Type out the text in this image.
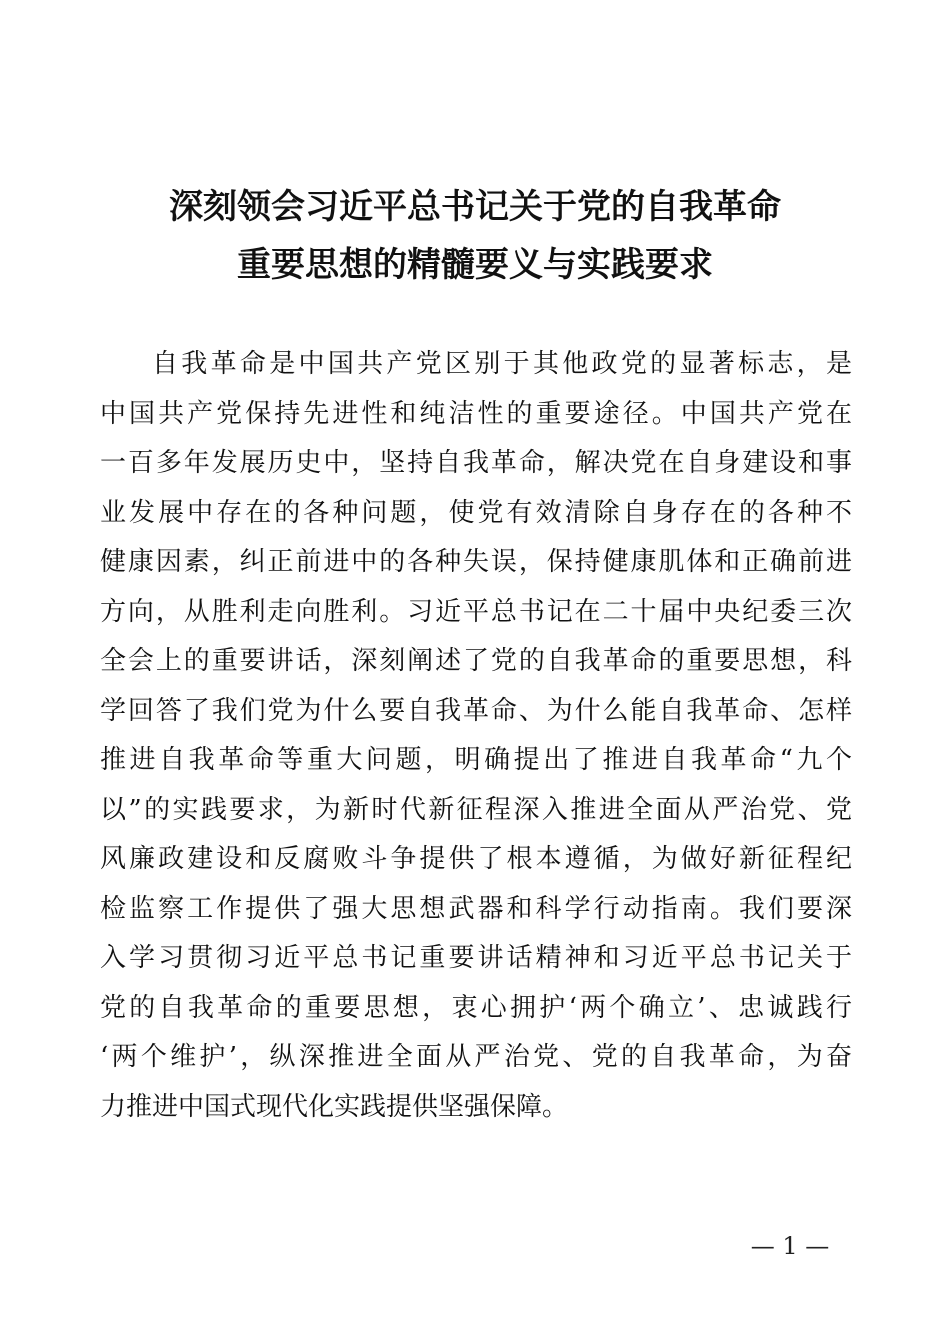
深刻领会习近平总书记关于党的自我革命
重要思想的精髓要义与实践要求
自我革命是中国共产党区别于其他政党的显著标志，是
中国共产党保持先进性和纯洁性的重要途径。中国共产党在
一百多年发展历史中，坚持自我革命，解决党在自身建设和事
业发展中存在的各种问题，使党有效清除自身存在的各种不
健康因素，纠正前进中的各种失误，保持健康肌体和正确前进
方向，从胜利走向胜利。习近平总书记在二十届中央纪委三次
全会上的重要讲话，深刻阐述了党的自我革命的重要思想，科
学回答了我们党为什么要自我革命、为什么能自我革命、怎样
推进自我革命等重大问题，明确提出了推进自我革命“九个
以”的实践要求，为新时代新征程深入推进全面从严治党、党
风廉政建设和反腐败斗争提供了根本遵循，为做好新征程纪
检监察工作提供了强大思想武器和科学行动指南。我们要深
入学习贯彻习近平总书记重要讲话精神和习近平总书记关于
党的自我革命的重要思想，衷心拥护‘两个确立’、忠诚践行
‘两个维护’，纵深推进全面从严治党、党的自我革命，为奋
力推进中国式现代化实践提供坚强保障。
— 1 —
